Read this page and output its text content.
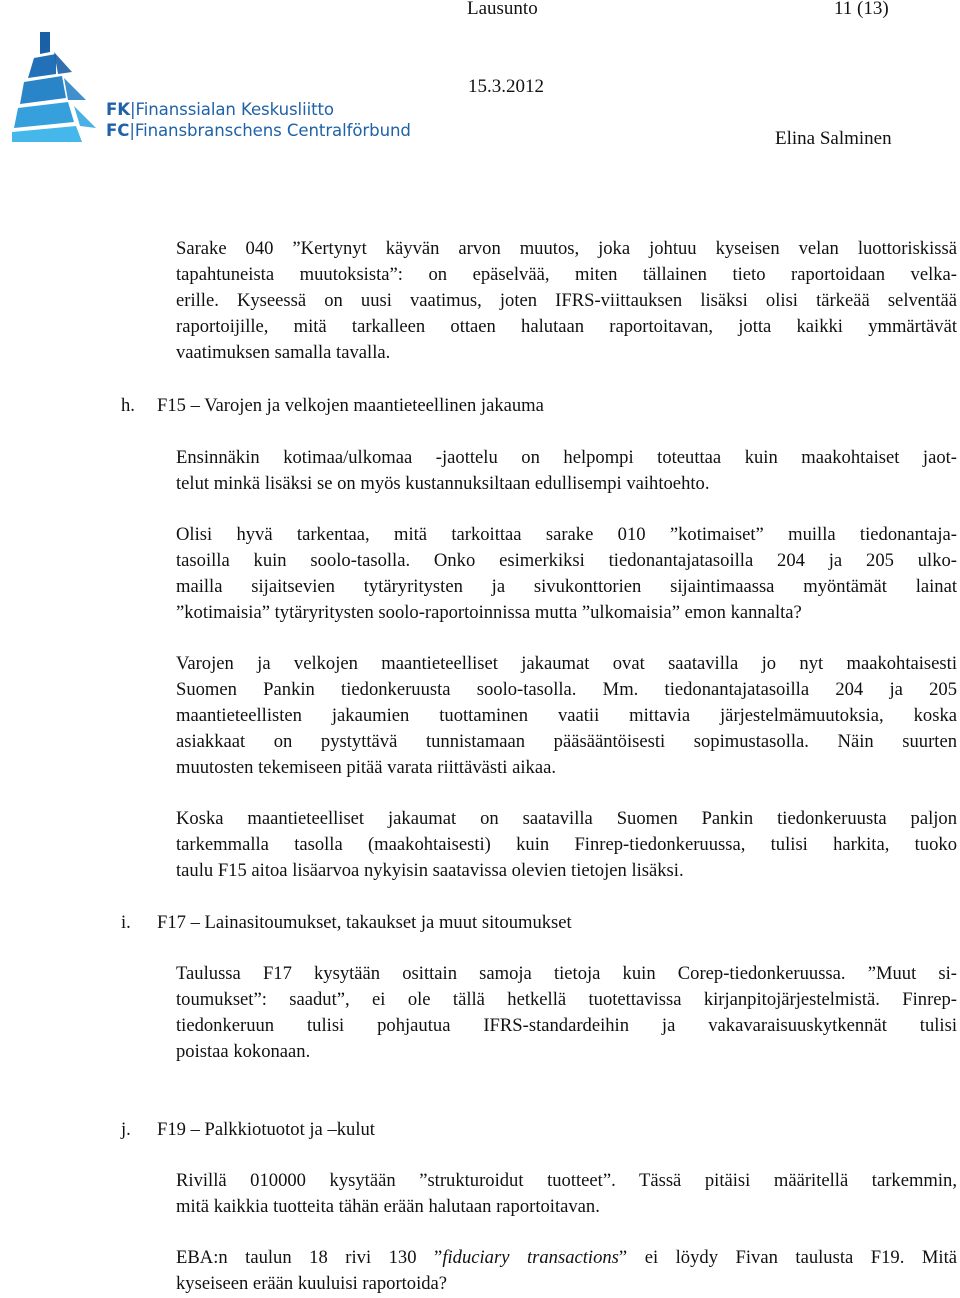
Lausunto	11 (13)
15.3.2012
Elina Salminen
FK|Finanssialan Keskusliitto
FC|Finansbranschens Centralförbund
Sarake 040 ”Kertynyt käyvän arvon muutos, joka johtuu kyseisen velan luottoriskissä
tapahtuneista muutoksista”: on epäselvää, miten tällainen tieto raportoidaan velka-
erille. Kyseessä on uusi vaatimus, joten IFRS-viittauksen lisäksi olisi tärkeää selventää
raportoijille, mitä tarkalleen ottaen halutaan raportoitavan, jotta kaikki ymmärtävät
vaatimuksen samalla tavalla.
h. F15 – Varojen ja velkojen maantieteellinen jakauma
Ensinnäkin kotimaa/ulkomaa -jaottelu on helpompi toteuttaa kuin maakohtaiset jaot-
telut minkä lisäksi se on myös kustannuksiltaan edullisempi vaihtoehto.
Olisi hyvä tarkentaa, mitä tarkoittaa sarake 010 ”kotimaiset” muilla tiedonantaja-
tasoilla kuin soolo-tasolla. Onko esimerkiksi tiedonantajatasoilla 204 ja 205 ulko-
mailla sijaitsevien tytäryritysten ja sivukonttorien sijaintimaassa myöntämät lainat
”kotimaisia” tytäryritysten soolo-raportoinnissa mutta ”ulkomaisia” emon kannalta?
Varojen ja velkojen maantieteelliset jakaumat ovat saatavilla jo nyt maakohtaisesti
Suomen Pankin tiedonkeruusta soolo-tasolla. Mm. tiedonantajatasoilla 204 ja 205
maantieteellisten jakaumien tuottaminen vaatii mittavia järjestelmämuutoksia, koska
asiakkaat on pystyttävä tunnistamaan pääsääntöisesti sopimustasolla. Näin suurten
muutosten tekemiseen pitää varata riittävästi aikaa.
Koska maantieteelliset jakaumat on saatavilla Suomen Pankin tiedonkeruusta paljon
tarkemmalla tasolla (maakohtaisesti) kuin Finrep-tiedonkeruussa, tulisi harkita, tuoko
taulu F15 aitoa lisäarvoa nykyisin saatavissa olevien tietojen lisäksi.
i. F17 – Lainasitoumukset, takaukset ja muut sitoumukset
Taulussa F17 kysytään osittain samoja tietoja kuin Corep-tiedonkeruussa. ”Muut si-
toumukset”: saadut”, ei ole tällä hetkellä tuotettavissa kirjanpitojärjestelmistä. Finrep-
tiedonkeruun tulisi pohjautua IFRS-standardeihin ja vakavaraisuuskytkennät tulisi
poistaa kokonaan.
j. F19 – Palkkiotuotot ja –kulut
Rivillä 010000 kysytään ”strukturoidut tuotteet”. Tässä pitäisi määritellä tarkemmin,
mitä kaikkia tuotteita tähän erään halutaan raportoitavan.
EBA:n taulun 18 rivi 130 ”fiduciary transactions” ei löydy Fivan taulusta F19. Mitä
kyseiseen erään kuuluisi raportoida?
